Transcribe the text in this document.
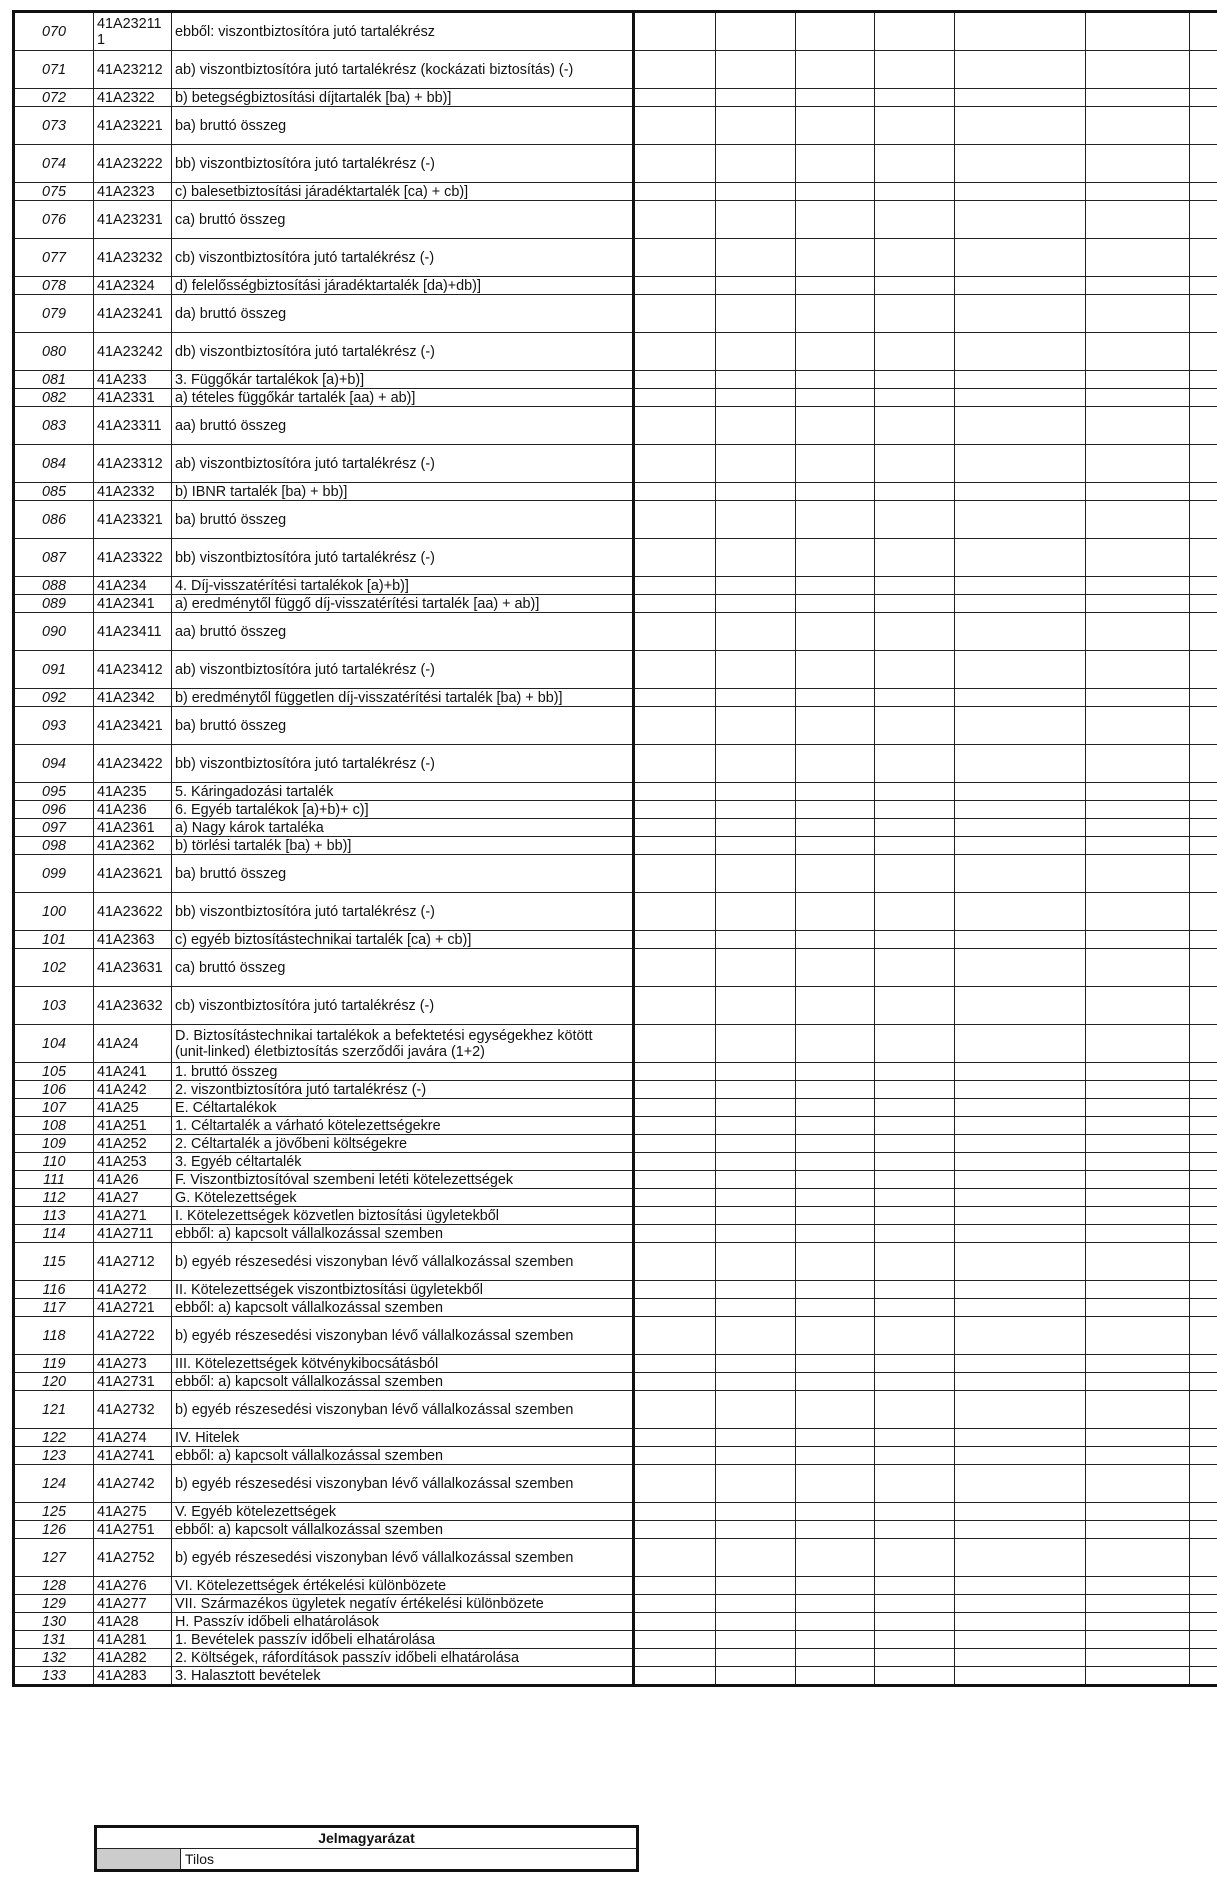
070	41A232111	ebből: viszontbiztosítóra jutó tartalékrész							
071	41A23212	ab) viszontbiztosítóra jutó tartalékrész (kockázati biztosítás) (-)							
072	41A2322	b) betegségbiztosítási díjtartalék [ba) + bb)]							
073	41A23221	ba) bruttó összeg							
074	41A23222	bb) viszontbiztosítóra jutó tartalékrész (-)							
075	41A2323	c) balesetbiztosítási járadéktartalék [ca) + cb)]							
076	41A23231	ca) bruttó összeg							
077	41A23232	cb) viszontbiztosítóra jutó tartalékrész (-)							
078	41A2324	d) felelősségbiztosítási járadéktartalék [da)+db)]							
079	41A23241	da) bruttó összeg							
080	41A23242	db) viszontbiztosítóra jutó tartalékrész (-)							
081	41A233	3. Függőkár tartalékok [a)+b)]							
082	41A2331	a) tételes függőkár tartalék [aa) + ab)]							
083	41A23311	aa) bruttó összeg							
084	41A23312	ab) viszontbiztosítóra jutó tartalékrész (-)							
085	41A2332	b) IBNR tartalék [ba) + bb)]							
086	41A23321	ba) bruttó összeg							
087	41A23322	bb) viszontbiztosítóra jutó tartalékrész (-)							
088	41A234	4. Díj-visszatérítési tartalékok [a)+b)]							
089	41A2341	a) eredménytől függő díj-visszatérítési tartalék [aa) + ab)]							
090	41A23411	aa) bruttó összeg							
091	41A23412	ab) viszontbiztosítóra jutó tartalékrész (-)							
092	41A2342	b) eredménytől független díj-visszatérítési tartalék [ba) + bb)]							
093	41A23421	ba) bruttó összeg							
094	41A23422	bb) viszontbiztosítóra jutó tartalékrész (-)							
095	41A235	5. Káringadozási tartalék							
096	41A236	6. Egyéb tartalékok [a)+b)+ c)]							
097	41A2361	a) Nagy károk tartaléka							
098	41A2362	b) törlési tartalék [ba) + bb)]							
099	41A23621	ba) bruttó összeg							
100	41A23622	bb) viszontbiztosítóra jutó tartalékrész (-)							
101	41A2363	c) egyéb biztosítástechnikai tartalék [ca) + cb)]							
102	41A23631	ca) bruttó összeg							
103	41A23632	cb) viszontbiztosítóra jutó tartalékrész (-)							
104	41A24	D. Biztosítástechnikai tartalékok a befektetési egységekhez kötött (unit-linked) életbiztosítás szerződői javára (1+2)							
105	41A241	1. bruttó összeg							
106	41A242	2. viszontbiztosítóra jutó tartalékrész (-)							
107	41A25	E. Céltartalékok							
108	41A251	1. Céltartalék a várható kötelezettségekre							
109	41A252	2. Céltartalék a jövőbeni költségekre							
110	41A253	3. Egyéb céltartalék							
111	41A26	F. Viszontbiztosítóval szembeni letéti kötelezettségek							
112	41A27	G. Kötelezettségek							
113	41A271	I. Kötelezettségek közvetlen biztosítási ügyletekből							
114	41A2711	ebből: a) kapcsolt vállalkozással szemben							
115	41A2712	b) egyéb részesedési viszonyban lévő vállalkozással szemben							
116	41A272	II. Kötelezettségek viszontbiztosítási ügyletekből							
117	41A2721	ebből: a) kapcsolt vállalkozással szemben							
118	41A2722	b) egyéb részesedési viszonyban lévő vállalkozással szemben							
119	41A273	III. Kötelezettségek kötvénykibocsátásból							
120	41A2731	ebből: a) kapcsolt vállalkozással szemben							
121	41A2732	b) egyéb részesedési viszonyban lévő vállalkozással szemben							
122	41A274	IV. Hitelek							
123	41A2741	ebből: a) kapcsolt vállalkozással szemben							
124	41A2742	b) egyéb részesedési viszonyban lévő vállalkozással szemben							
125	41A275	V. Egyéb kötelezettségek							
126	41A2751	ebből: a) kapcsolt vállalkozással szemben							
127	41A2752	b) egyéb részesedési viszonyban lévő vállalkozással szemben							
128	41A276	VI. Kötelezettségek értékelési különbözete							
129	41A277	VII. Származékos ügyletek negatív értékelési különbözete							
130	41A28	H. Passzív időbeli elhatárolások							
131	41A281	1. Bevételek passzív időbeli elhatárolása							
132	41A282	2. Költségek, ráfordítások passzív időbeli elhatárolása							
133	41A283	3. Halasztott bevételek							
Jelmagyarázat
	Tilos
